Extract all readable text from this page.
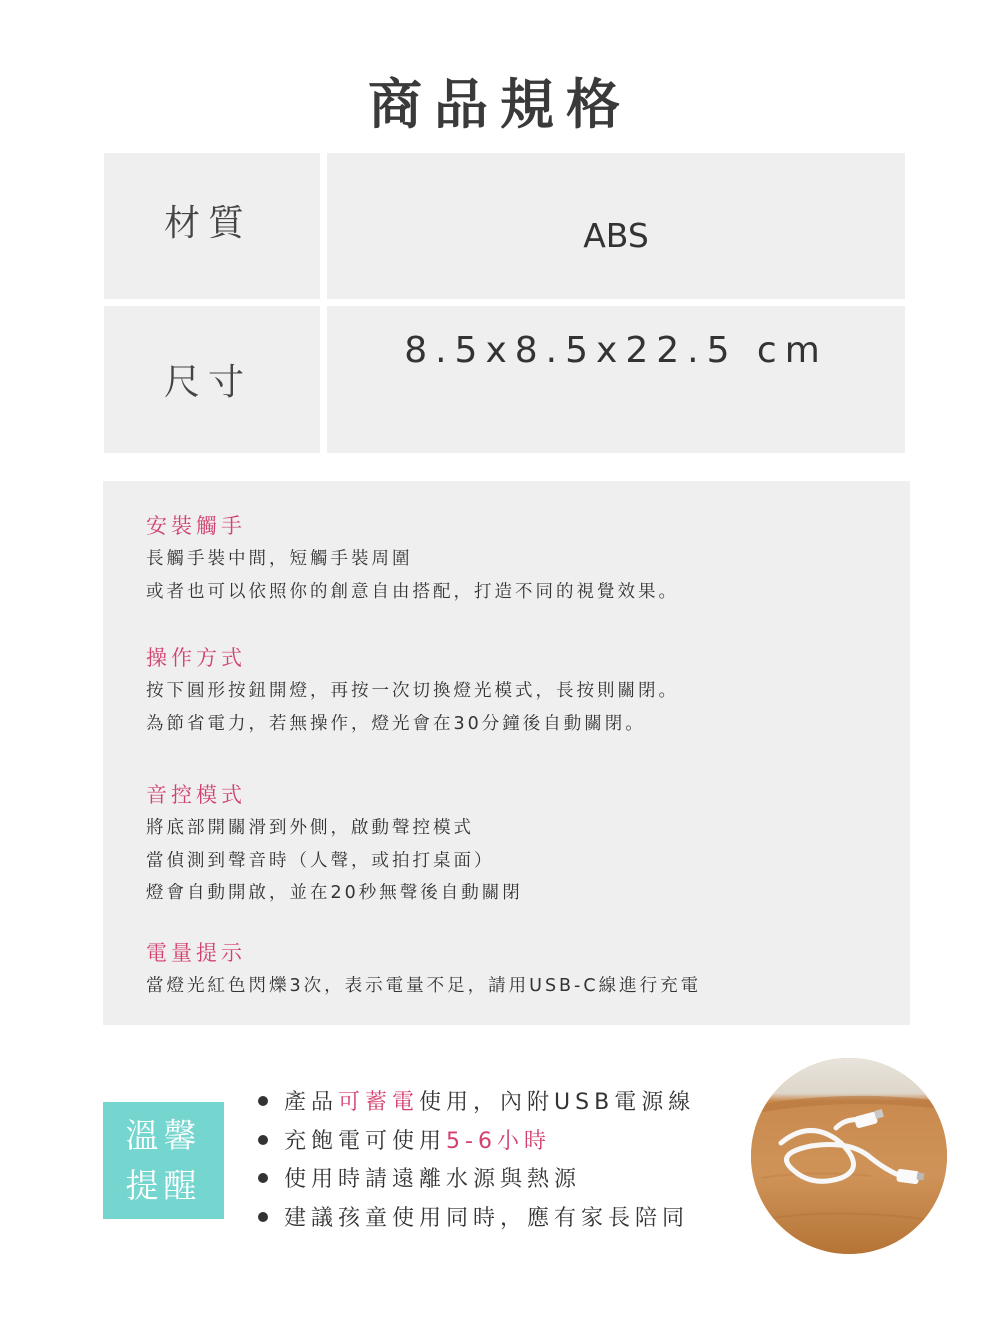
商品規格
材質	ABS
尺寸
8.5x8.5x22.5 cm
安裝觸手
長觸手裝中間，短觸手裝周圍
或者也可以依照你的創意自由搭配，打造不同的視覺效果。
操作方式
按下圓形按鈕開燈，再按一次切換燈光模式，長按則關閉。
為節省電力，若無操作，燈光會在30分鐘後自動關閉。
音控模式
將底部開關滑到外側，啟動聲控模式
當偵測到聲音時（人聲，或拍打桌面）
燈會自動開啟，並在20秒無聲後自動關閉
電量提示
當燈光紅色閃爍3次，表示電量不足，請用USB-C線進行充電
溫馨
提醒
產品可蓄電使用，內附USB電源線
充飽電可使用5-6小時
使用時請遠離水源與熱源
建議孩童使用同時，應有家長陪同
